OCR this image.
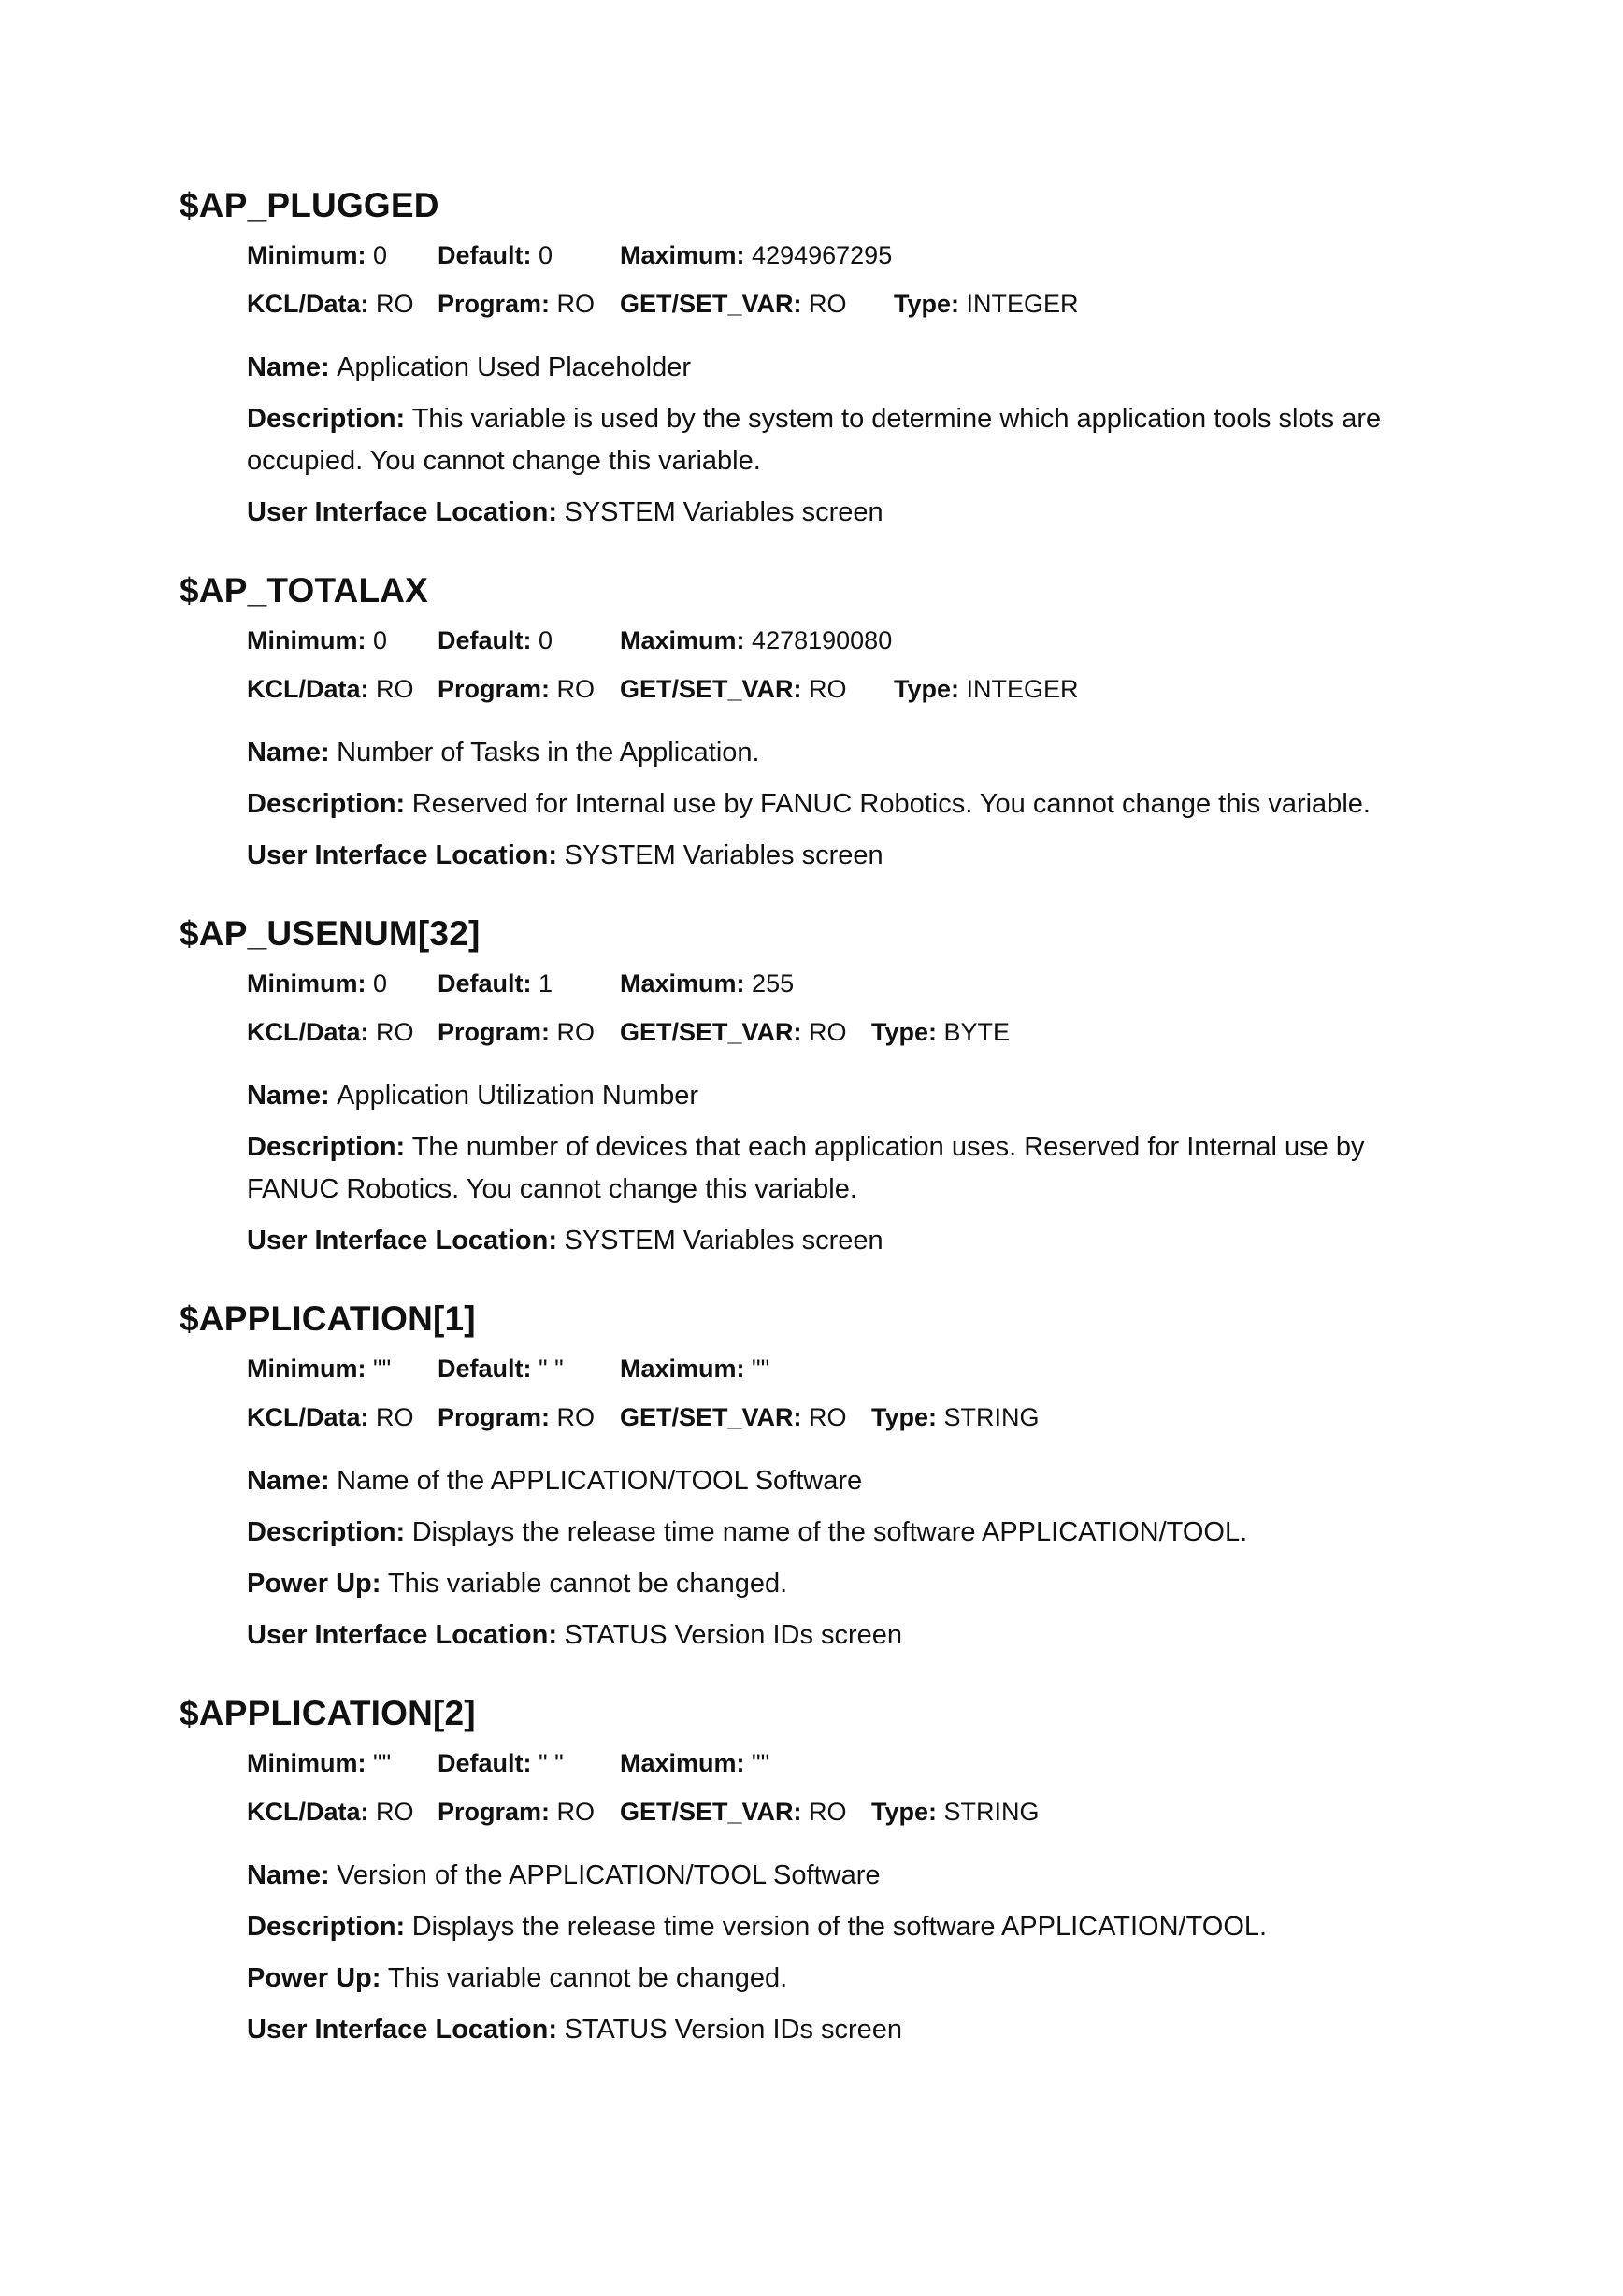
$AP_PLUGGED
Minimum: 0	Default: 0	Maximum: 4294967295
KCL/Data: RO Program: RO GET/SET_VAR: RO	Type: INTEGER

Name: Application Used Placeholder

Description: This variable is used by the system to determine which application tools slots are occupied. You cannot change this variable.

User Interface Location: SYSTEM Variables screen

$AP_TOTALAX
Minimum: 0	Default: 0	Maximum: 4278190080
KCL/Data: RO Program: RO GET/SET_VAR: RO	Type: INTEGER

Name: Number of Tasks in the Application.

Description: Reserved for Internal use by FANUC Robotics. You cannot change this variable.

User Interface Location: SYSTEM Variables screen

$AP_USENUM[32]
Minimum: 0	Default: 1	Maximum: 255
KCL/Data: RO Program: RO GET/SET_VAR: RO Type: BYTE

Name: Application Utilization Number

Description: The number of devices that each application uses. Reserved for Internal use by FANUC Robotics. You cannot change this variable.

User Interface Location: SYSTEM Variables screen

$APPLICATION[1]
Minimum: ""	Default: " "	Maximum: ""
KCL/Data: RO Program: RO GET/SET_VAR: RO Type: STRING

Name: Name of the APPLICATION/TOOL Software

Description: Displays the release time name of the software APPLICATION/TOOL.

Power Up: This variable cannot be changed.

User Interface Location: STATUS Version IDs screen

$APPLICATION[2]
Minimum: ""	Default: " "	Maximum: ""
KCL/Data: RO Program: RO GET/SET_VAR: RO Type: STRING

Name: Version of the APPLICATION/TOOL Software

Description: Displays the release time version of the software APPLICATION/TOOL.

Power Up: This variable cannot be changed.

User Interface Location: STATUS Version IDs screen
